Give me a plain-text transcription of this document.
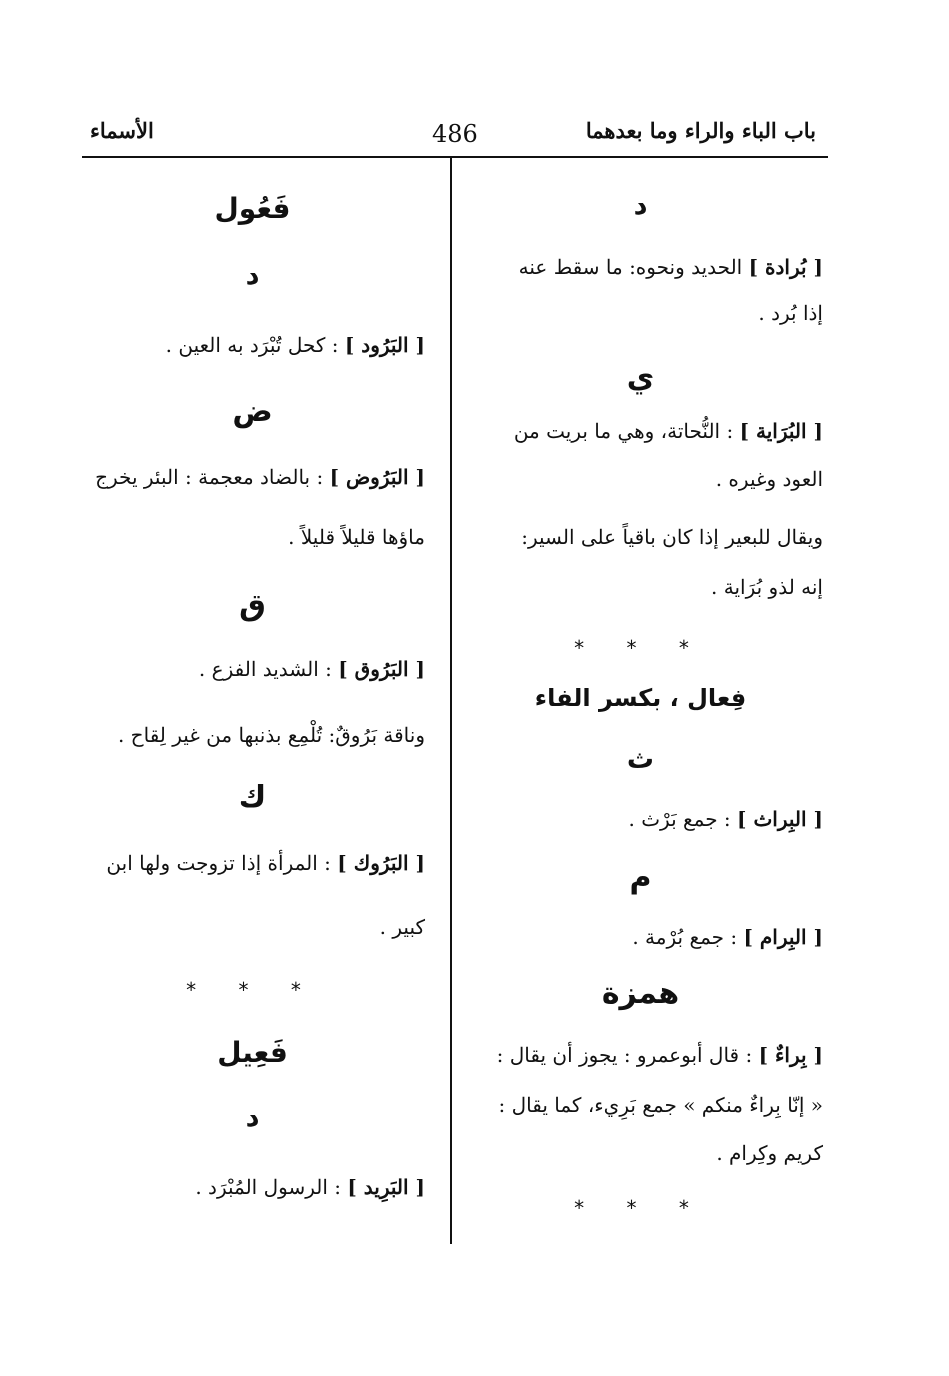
باب الباء والراء وما بعدهما
486
الأسماء
د
[ بُرادة ] الحديد ونحوه: ما سقط عنه
إذا بُرد .
ي
[ البُرَاية ] : النُّحاتة، وهي ما بريت من
العود وغيره .
ويقال للبعير إذا كان باقياً على السير:
إنه لذو بُرَاية .
* * *
فِعال ، بكسر الفاء
ث
[ البِراث ] : جمع بَرْث .
م
[ البِرام ] : جمع بُرْمة .
همزة
[ بِراءٌ ] : قال أبوعمرو : يجوز أن يقال :
« إنّا بِراءٌ منكم » جمع بَرِيء، كما يقال :
كريم وكِرام .
* * *
فَعُول
د
[ البَرُود ] : كحل تُبْرَد به العين .
ض
[ البَرُوض ] : بالضاد معجمة : البئر يخرج
ماؤها قليلاً قليلاً .
ق
[ البَرُوق ] : الشديد الفزع .
وناقة بَرُوقٌ: تُلْمِع بذنبها من غير لِقاح .
ك
[ البَرُوك ] : المرأة إذا تزوجت ولها ابن
كبير .
* * *
فَعِيل
د
[ البَرِيد ] : الرسول المُبْرَد .
